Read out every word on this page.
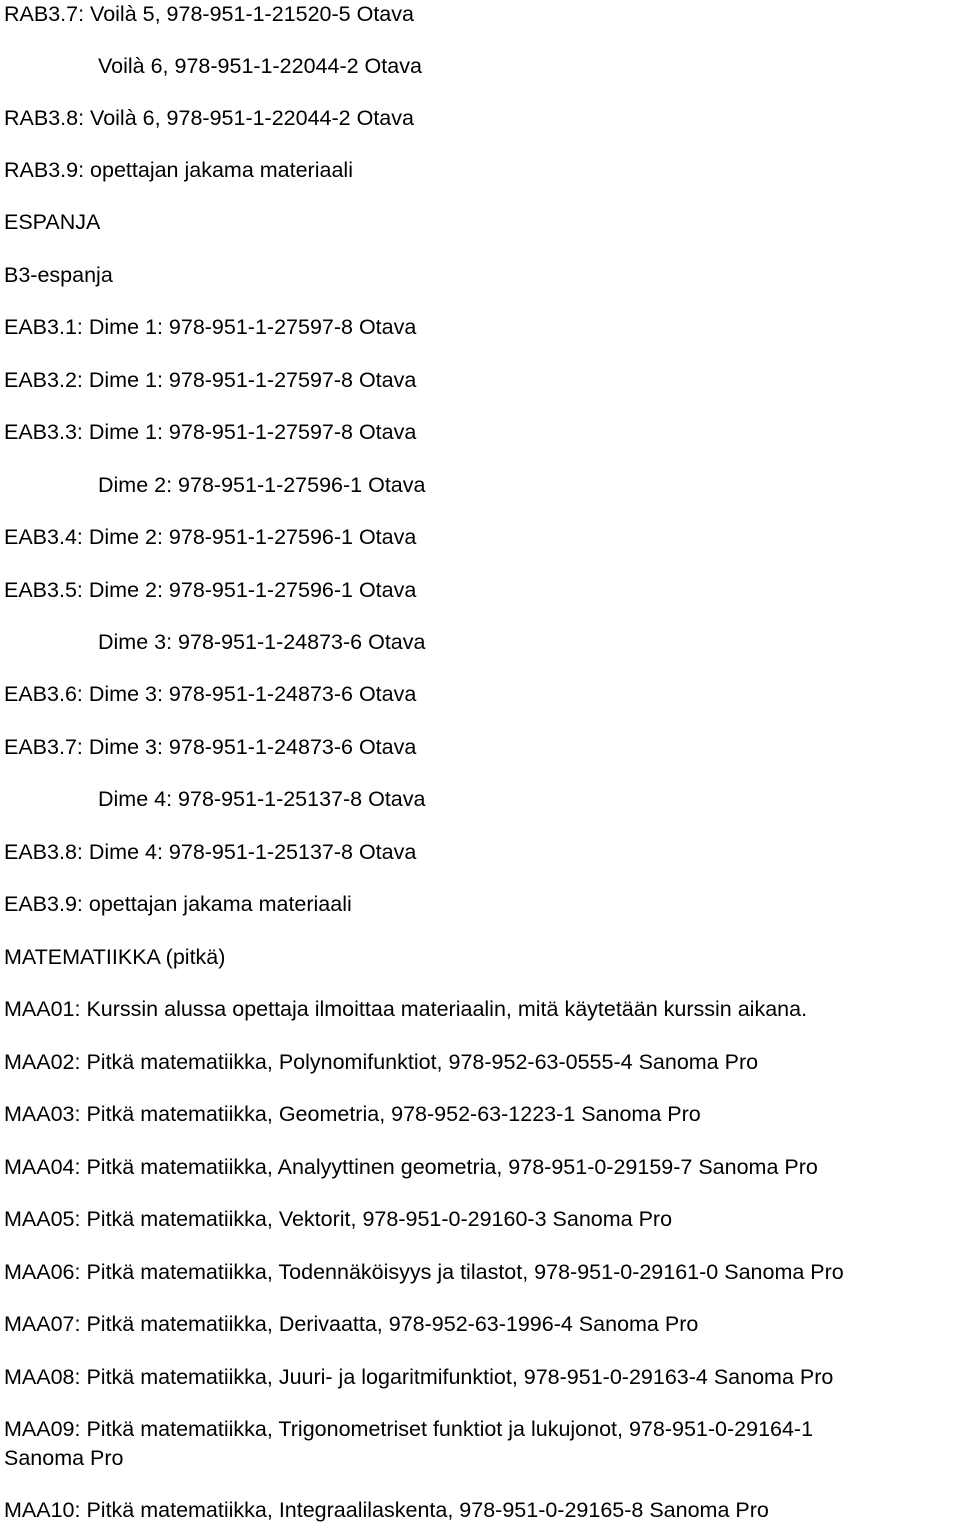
RAB3.7: Voilà 5, 978-951-1-21520-5 Otava
Voilà 6, 978-951-1-22044-2 Otava
RAB3.8: Voilà 6, 978-951-1-22044-2 Otava
RAB3.9: opettajan jakama materiaali
ESPANJA
B3-espanja
EAB3.1: Dime 1: 978-951-1-27597-8 Otava
EAB3.2: Dime 1: 978-951-1-27597-8 Otava
EAB3.3: Dime 1: 978-951-1-27597-8 Otava
Dime 2: 978-951-1-27596-1 Otava
EAB3.4: Dime 2: 978-951-1-27596-1 Otava
EAB3.5: Dime 2: 978-951-1-27596-1 Otava
Dime 3: 978-951-1-24873-6 Otava
EAB3.6: Dime 3: 978-951-1-24873-6 Otava
EAB3.7: Dime 3: 978-951-1-24873-6 Otava
Dime 4: 978-951-1-25137-8 Otava
EAB3.8: Dime 4: 978-951-1-25137-8 Otava
EAB3.9: opettajan jakama materiaali
MATEMATIIKKA (pitkä)
MAA01: Kurssin alussa opettaja ilmoittaa materiaalin, mitä käytetään kurssin aikana.
MAA02: Pitkä matematiikka, Polynomifunktiot, 978-952-63-0555-4 Sanoma Pro
MAA03: Pitkä matematiikka, Geometria, 978-952-63-1223-1 Sanoma Pro
MAA04: Pitkä matematiikka, Analyyttinen geometria, 978-951-0-29159-7 Sanoma Pro
MAA05: Pitkä matematiikka, Vektorit, 978-951-0-29160-3 Sanoma Pro
MAA06: Pitkä matematiikka, Todennäköisyys ja tilastot, 978-951-0-29161-0 Sanoma Pro
MAA07: Pitkä matematiikka, Derivaatta, 978-952-63-1996-4 Sanoma Pro
MAA08: Pitkä matematiikka, Juuri- ja logaritmifunktiot, 978-951-0-29163-4 Sanoma Pro
MAA09: Pitkä matematiikka, Trigonometriset funktiot ja lukujonot, 978-951-0-29164-1
Sanoma Pro
MAA10: Pitkä matematiikka, Integraalilaskenta, 978-951-0-29165-8 Sanoma Pro
